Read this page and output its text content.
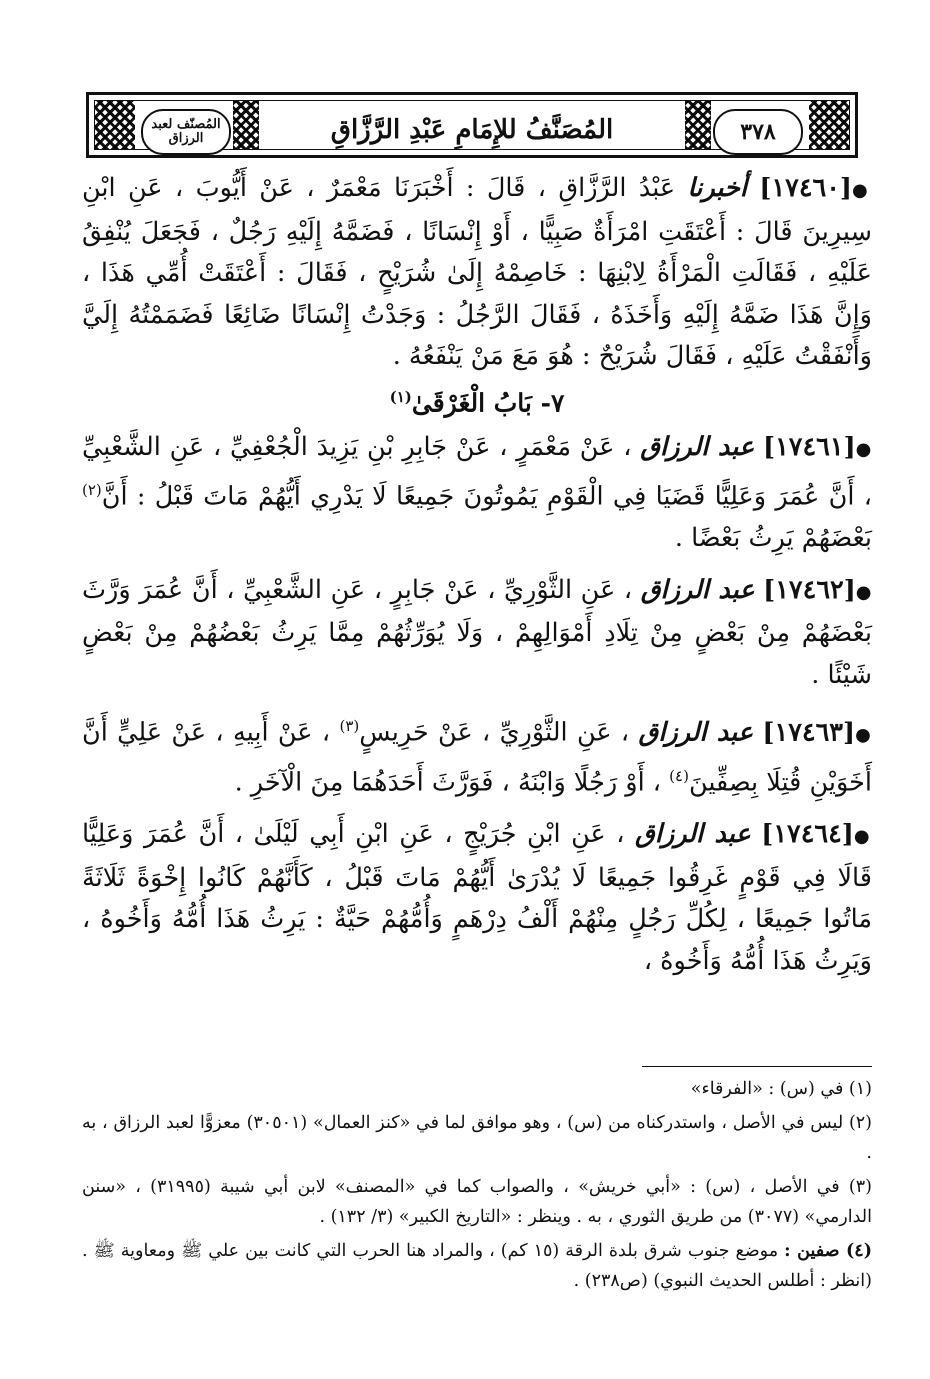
المُصنّف لعبد الرزاق	المُصَنَّفُ للإِمَامِ عَبْدِ الرَّزَّاقِ	٣٧٨

●[١٧٤٦٠] أخبرنا عَبْدُ الرَّزَّاقِ ، قَالَ : أَخْبَرَنَا مَعْمَرٌ ، عَنْ أَيُّوبَ ، عَنِ ابْنِ سِيرِينَ قَالَ : أَعْتَقَتِ امْرَأَةٌ صَبِيًّا ، أَوْ إِنْسَانًا ، فَضَمَّهُ إِلَيْهِ رَجُلٌ ، فَجَعَلَ يُنْفِقُ عَلَيْهِ ، فَقَالَتِ الْمَرْأَةُ لِابْنِهَا : خَاصِمْهُ إِلَىٰ شُرَيْحٍ ، فَقَالَ : أَعْتَقَتْ أُمِّي هَذَا ، وَإِنَّ هَذَا ضَمَّهُ إِلَيْهِ وَأَخَذَهُ ، فَقَالَ الرَّجُلُ : وَجَدْتُ إِنْسَانًا ضَائِعًا فَضَمَمْتُهُ إِلَيَّ وَأَنْفَقْتُ عَلَيْهِ ، فَقَالَ شُرَيْحٌ : هُوَ مَعَ مَنْ يَنْفَعُهُ .

٧- بَابُ الْغَرْقَىٰ$^{(١)}$

●[١٧٤٦١] عبد الرزاق ، عَنْ مَعْمَرٍ ، عَنْ جَابِرِ بْنِ يَزِيدَ الْجُعْفِيِّ ، عَنِ الشَّعْبِيِّ ، أَنَّ عُمَرَ وَعَلِيًّا قَضَيَا فِي الْقَوْمِ يَمُوتُونَ جَمِيعًا لَا يَدْرِي أَيُّهُمْ مَاتَ قَبْلُ : أَنَّ$^{(٢)}$ بَعْضَهُمْ يَرِثُ بَعْضًا .

●[١٧٤٦٢] عبد الرزاق ، عَنِ الثَّوْرِيِّ ، عَنْ جَابِرٍ ، عَنِ الشَّعْبِيِّ ، أَنَّ عُمَرَ وَرَّثَ بَعْضَهُمْ مِنْ بَعْضٍ مِنْ تِلَادِ أَمْوَالِهِمْ ، وَلَا يُوَرِّثُهُمْ مِمَّا يَرِثُ بَعْضُهُمْ مِنْ بَعْضٍ شَيْئًا .

●[١٧٤٦٣] عبد الرزاق ، عَنِ الثَّوْرِيِّ ، عَنْ حَرِيسٍ$^{(٣)}$ ، عَنْ أَبِيهِ ، عَنْ عَلِيٍّ أَنَّ أَخَوَيْنِ قُتِلَا بِصِفِّينَ$^{(٤)}$ ، أَوْ رَجُلًا وَابْنَهُ ، فَوَرَّثَ أَحَدَهُمَا مِنَ الْآخَرِ .

●[١٧٤٦٤] عبد الرزاق ، عَنِ ابْنِ جُرَيْجٍ ، عَنِ ابْنِ أَبِي لَيْلَىٰ ، أَنَّ عُمَرَ وَعَلِيًّا قَالَا فِي قَوْمٍ غَرِقُوا جَمِيعًا لَا يُدْرَىٰ أَيُّهُمْ مَاتَ قَبْلُ ، كَأَنَّهُمْ كَانُوا إِخْوَةً ثَلَاثَةً مَاتُوا جَمِيعًا ، لِكُلِّ رَجُلٍ مِنْهُمْ أَلْفُ دِرْهَمٍ وَأُمُّهُمْ حَيَّةٌ : يَرِثُ هَذَا أُمُّهُ وَأَخُوهُ ، وَيَرِثُ هَذَا أُمُّهُ وَأَخُوهُ ،

(١) في (س) : «الفرقاء»

(٢) ليس في الأصل ، واستدركناه من (س) ، وهو موافق لما في «كنز العمال» (٣٠٥٠١) معزوًّا لعبد الرزاق ، به .

(٣) في الأصل ، (س) : «أبي خريش» ، والصواب كما في «المصنف» لابن أبي شيبة (٣١٩٩٥) ، «سنن الدارمي» (٣٠٧٧) من طريق الثوري ، به . وينظر : «التاريخ الكبير» (٣/ ١٣٢) .

(٤) صفين : موضع جنوب شرق بلدة الرقة (١٥ كم) ، والمراد هنا الحرب التي كانت بين علي ﷺ ومعاوية ﷺ . (انظر : أطلس الحديث النبوي) (ص٢٣٨) .
